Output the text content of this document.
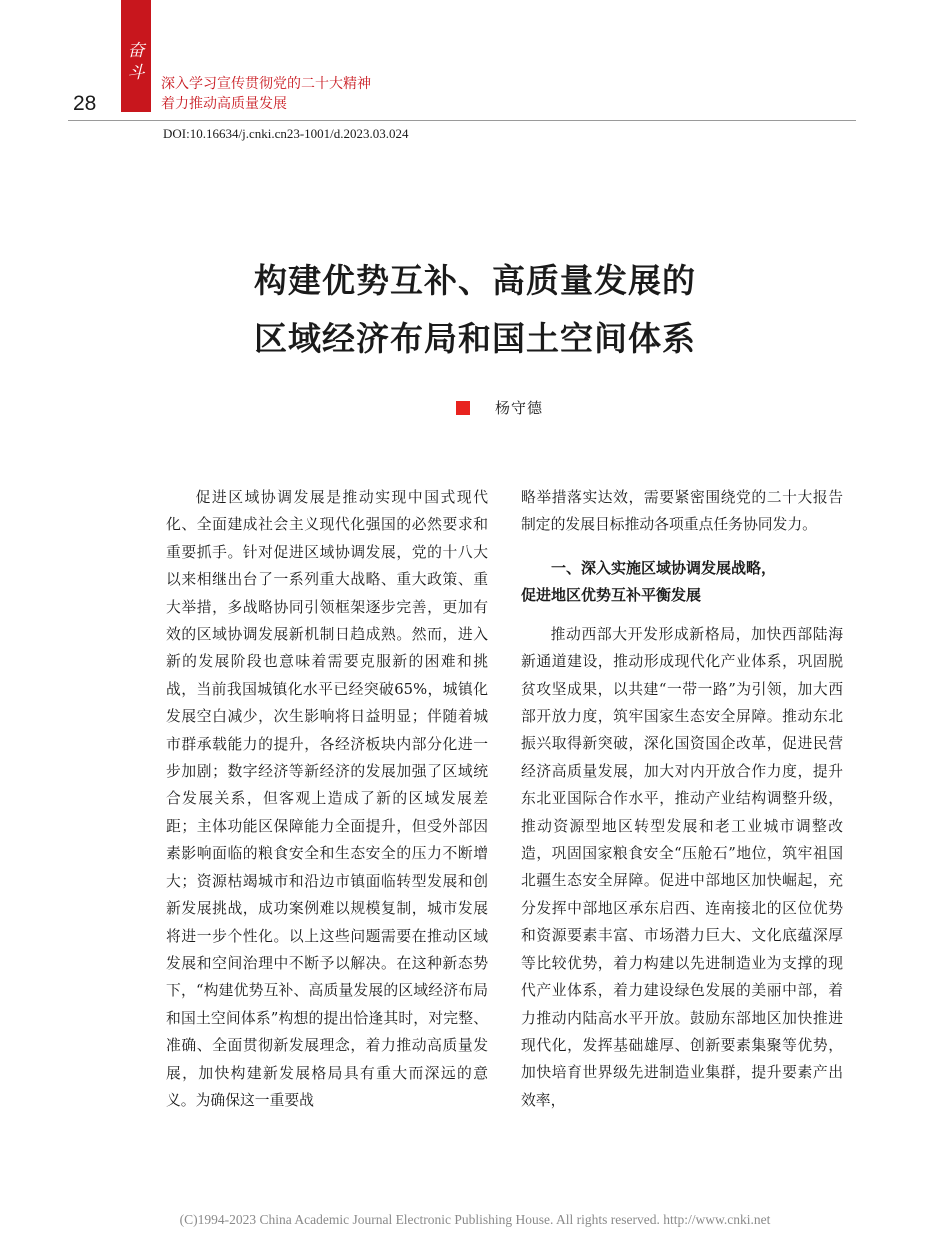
奋
斗
28
深入学习宣传贯彻党的二十大精神
着力推动高质量发展
DOI:10.16634/j.cnki.cn23-1001/d.2023.03.024
构建优势互补、高质量发展的
区域经济布局和国土空间体系
杨守德

促进区域协调发展是推动实现中国式现代化、全面建成社会主义现代化强国的必然要求和重要抓手。针对促进区域协调发展，党的十八大以来相继出台了一系列重大战略、重大政策、重大举措，多战略协同引领框架逐步完善，更加有效的区域协调发展新机制日趋成熟。然而，进入新的发展阶段也意味着需要克服新的困难和挑战，当前我国城镇化水平已经突破65%，城镇化发展空白减少，次生影响将日益明显；伴随着城市群承载能力的提升，各经济板块内部分化进一步加剧；数字经济等新经济的发展加强了区域统合发展关系，但客观上造成了新的区域发展差距；主体功能区保障能力全面提升，但受外部因素影响面临的粮食安全和生态安全的压力不断增大；资源枯竭城市和沿边市镇面临转型发展和创新发展挑战，成功案例难以规模复制，城市发展将进一步个性化。以上这些问题需要在推动区域发展和空间治理中不断予以解决。在这种新态势下，“构建优势互补、高质量发展的区域经济布局和国土空间体系”构想的提出恰逢其时，对完整、准确、全面贯彻新发展理念，着力推动高质量发展，加快构建新发展格局具有重大而深远的意义。为确保这一重要战

略举措落实达效，需要紧密围绕党的二十大报告制定的发展目标推动各项重点任务协同发力。

一、深入实施区域协调发展战略，
促进地区优势互补平衡发展

推动西部大开发形成新格局，加快西部陆海新通道建设，推动形成现代化产业体系，巩固脱贫攻坚成果，以共建“一带一路”为引领，加大西部开放力度，筑牢国家生态安全屏障。推动东北振兴取得新突破，深化国资国企改革，促进民营经济高质量发展，加大对内开放合作力度，提升东北亚国际合作水平，推动产业结构调整升级，推动资源型地区转型发展和老工业城市调整改造，巩固国家粮食安全“压舱石”地位，筑牢祖国北疆生态安全屏障。促进中部地区加快崛起，充分发挥中部地区承东启西、连南接北的区位优势和资源要素丰富、市场潜力巨大、文化底蕴深厚等比较优势，着力构建以先进制造业为支撑的现代产业体系，着力建设绿色发展的美丽中部，着力推动内陆高水平开放。鼓励东部地区加快推进现代化，发挥基础雄厚、创新要素集聚等优势，加快培育世界级先进制造业集群，提升要素产出效率，

(C)1994-2023 China Academic Journal Electronic Publishing House. All rights reserved. http://www.cnki.net
